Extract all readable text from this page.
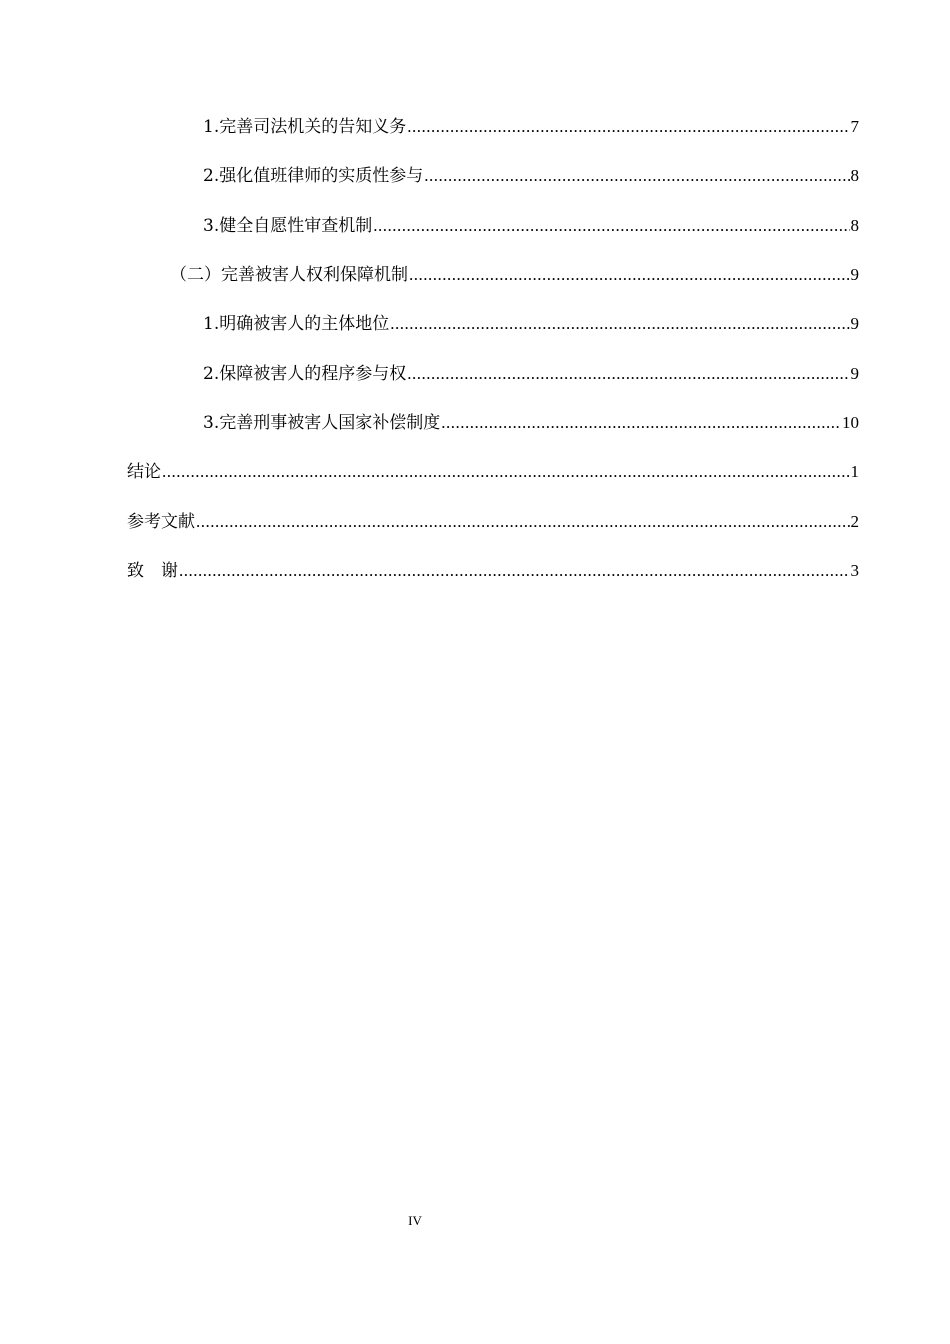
1. 完善司法机关的告知义务 .....	7
2. 强化值班律师的实质性参与 .....	8
3. 健全自愿性审查机制 .....	8
（二） 完善被害人权利保障机制 .....	9
1. 明确被害人的主体地位 .....	9
2. 保障被害人的程序参与权 .....	9
3. 完善刑事被害人国家补偿制度 .....	10
结论 .....	1
参考文献 .....	2
致　谢 .....	3
IV
